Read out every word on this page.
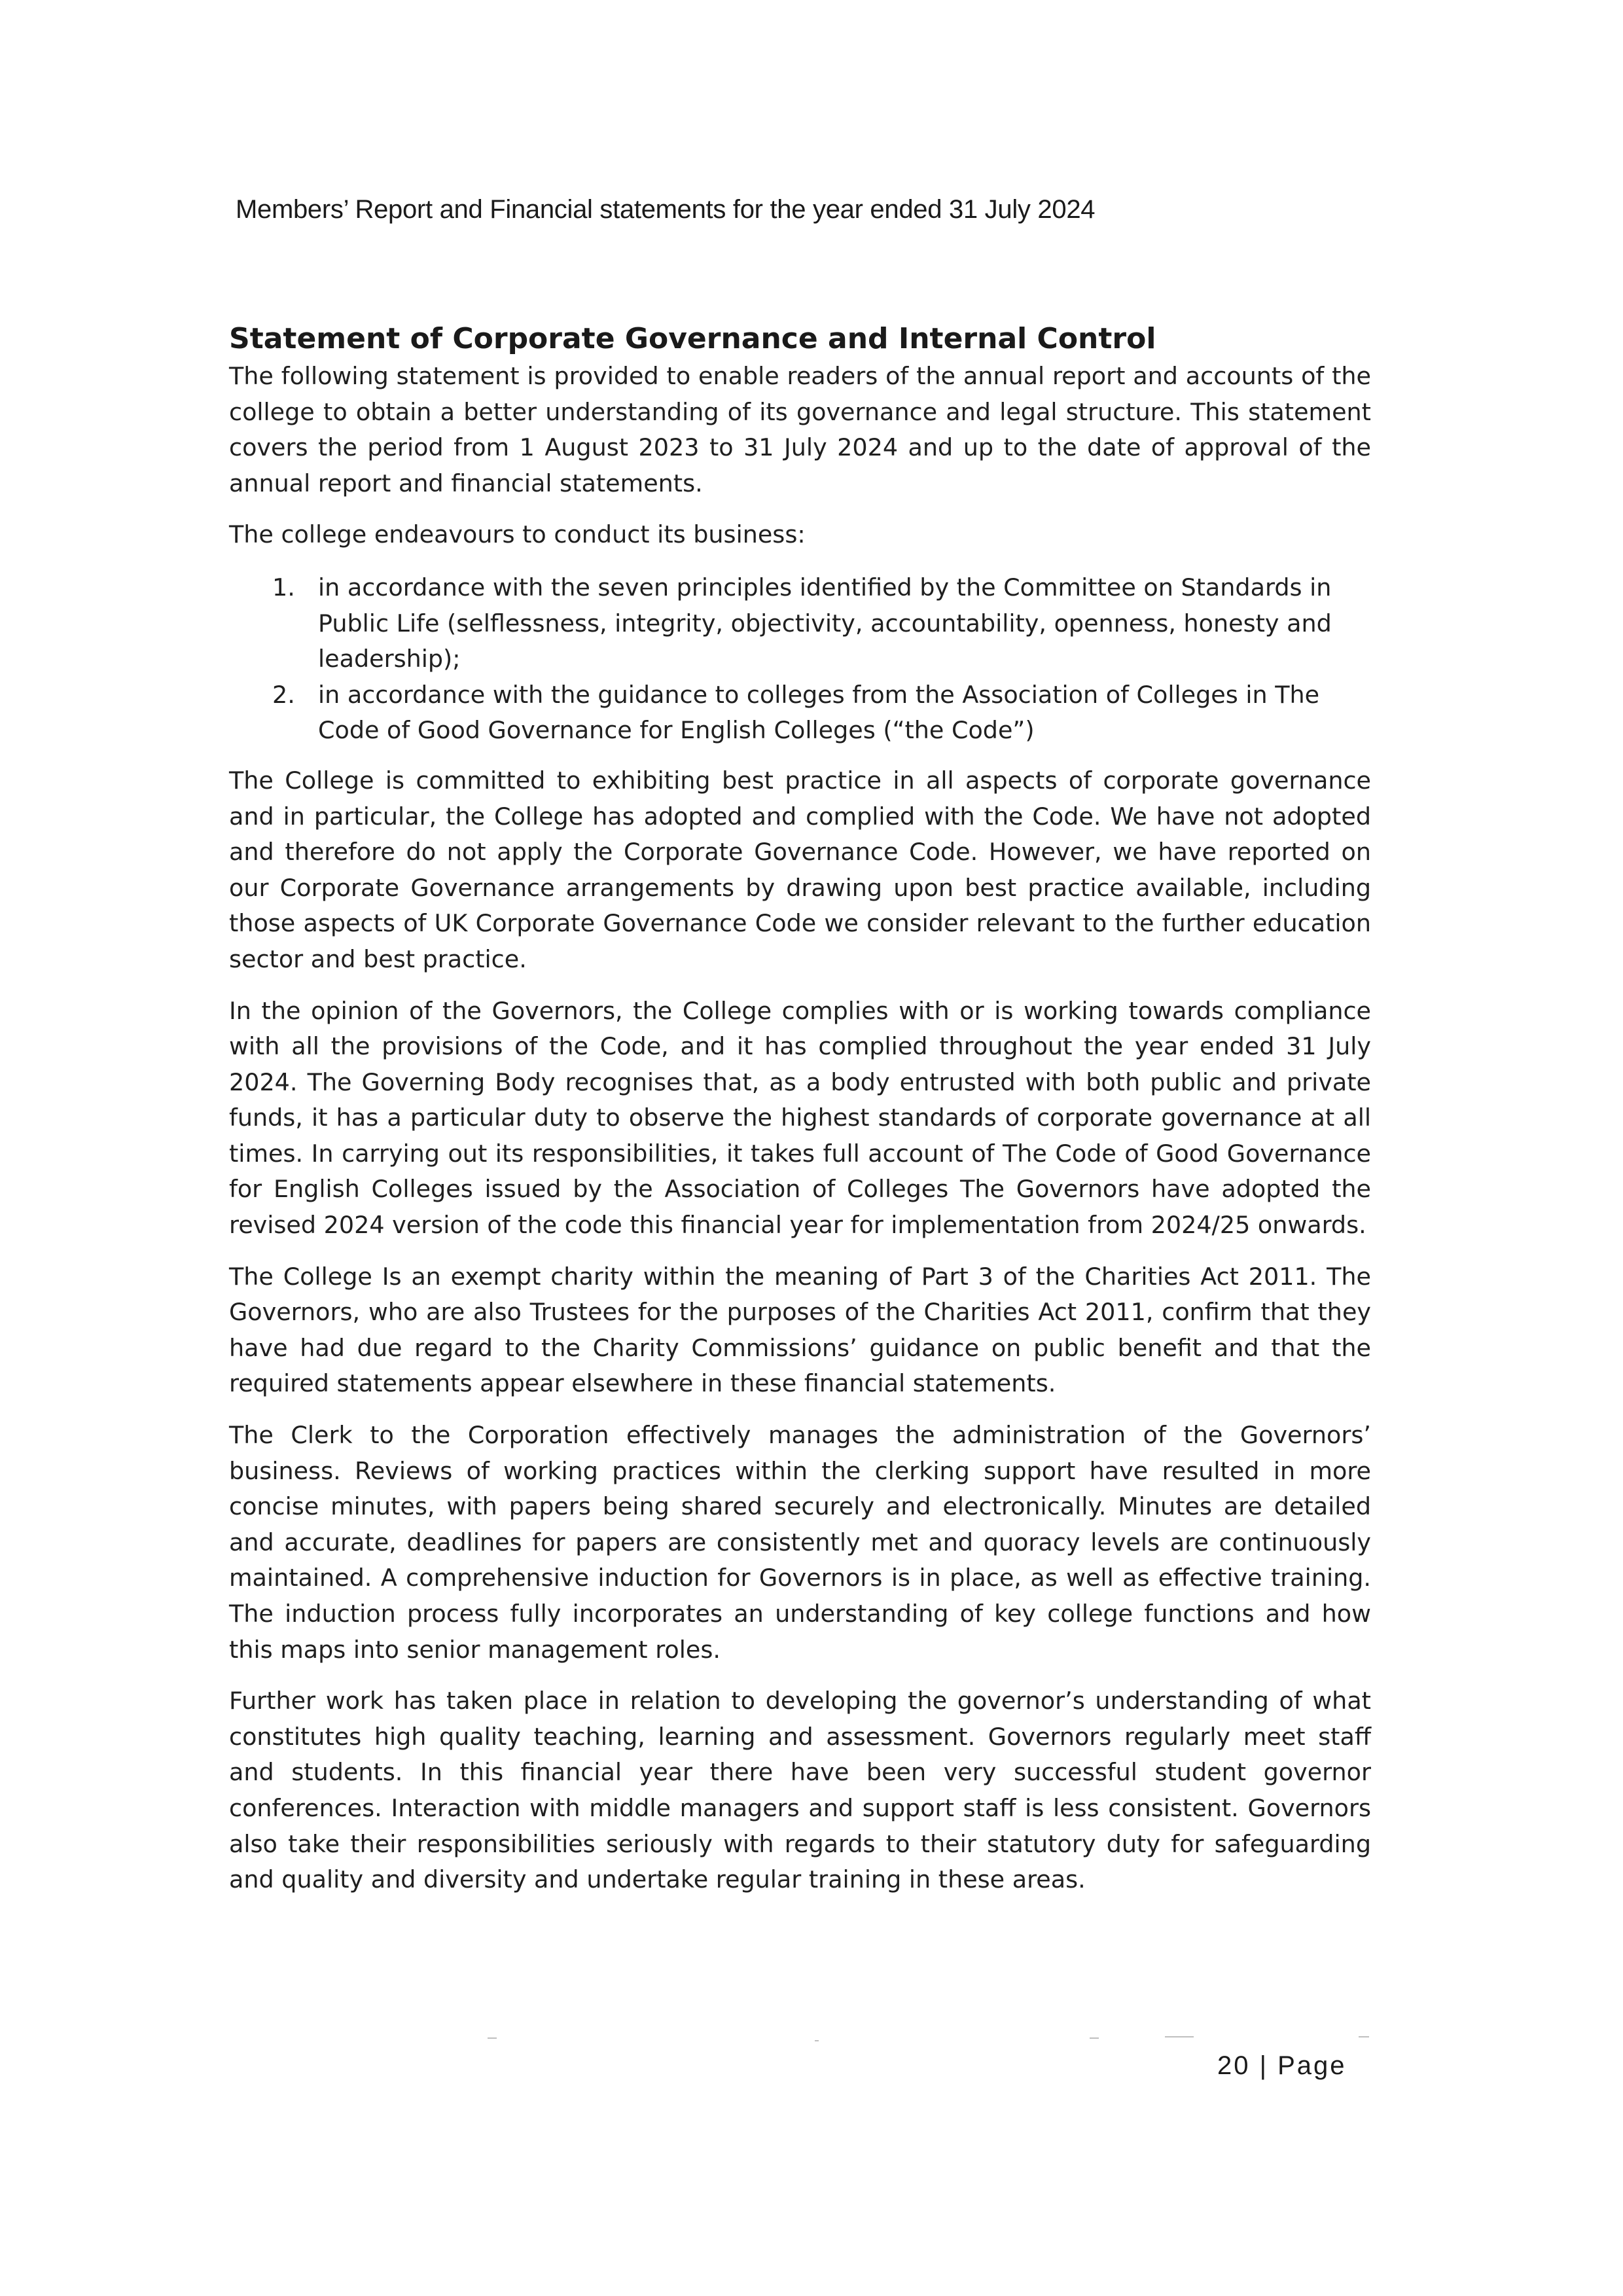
Members’ Report and Financial statements for the year ended 31 July 2024
Statement of Corporate Governance and Internal Control

The following statement is provided to enable readers of the annual report and accounts of the college to obtain a better understanding of its governance and legal structure. This statement covers the period from 1 August 2023 to 31 July 2024 and up to the date of approval of the annual report and financial statements.

The college endeavours to conduct its business:

1. in accordance with the seven principles identified by the Committee on Standards in Public Life (selflessness, integrity, objectivity, accountability, openness, honesty and leadership);
2. in accordance with the guidance to colleges from the Association of Colleges in The Code of Good Governance for English Colleges (“the Code”)

The College is committed to exhibiting best practice in all aspects of corporate governance and in particular, the College has adopted and complied with the Code. We have not adopted and therefore do not apply the Corporate Governance Code. However, we have reported on our Corporate Governance arrangements by drawing upon best practice available, including those aspects of UK Corporate Governance Code we consider relevant to the further education sector and best practice.

In the opinion of the Governors, the College complies with or is working towards compliance with all the provisions of the Code, and it has complied throughout the year ended 31 July 2024. The Governing Body recognises that, as a body entrusted with both public and private funds, it has a particular duty to observe the highest standards of corporate governance at all times. In carrying out its responsibilities, it takes full account of The Code of Good Governance for English Colleges issued by the Association of Colleges The Governors have adopted the revised 2024 version of the code this financial year for implementation from 2024/25 onwards.

The College Is an exempt charity within the meaning of Part 3 of the Charities Act 2011. The Governors, who are also Trustees for the purposes of the Charities Act 2011, confirm that they have had due regard to the Charity Commissions’ guidance on public benefit and that the required statements appear elsewhere in these financial statements.

The Clerk to the Corporation effectively manages the administration of the Governors’ business. Reviews of working practices within the clerking support have resulted in more concise minutes, with papers being shared securely and electronically. Minutes are detailed and accurate, deadlines for papers are consistently met and quoracy levels are continuously maintained. A comprehensive induction for Governors is in place, as well as effective training. The induction process fully incorporates an understanding of key college functions and how this maps into senior management roles.

Further work has taken place in relation to developing the governor’s understanding of what constitutes high quality teaching, learning and assessment. Governors regularly meet staff and students. In this financial year there have been very successful student governor conferences. Interaction with middle managers and support staff is less consistent. Governors also take their responsibilities seriously with regards to their statutory duty for safeguarding and quality and diversity and undertake regular training in these areas.

20 | Page
